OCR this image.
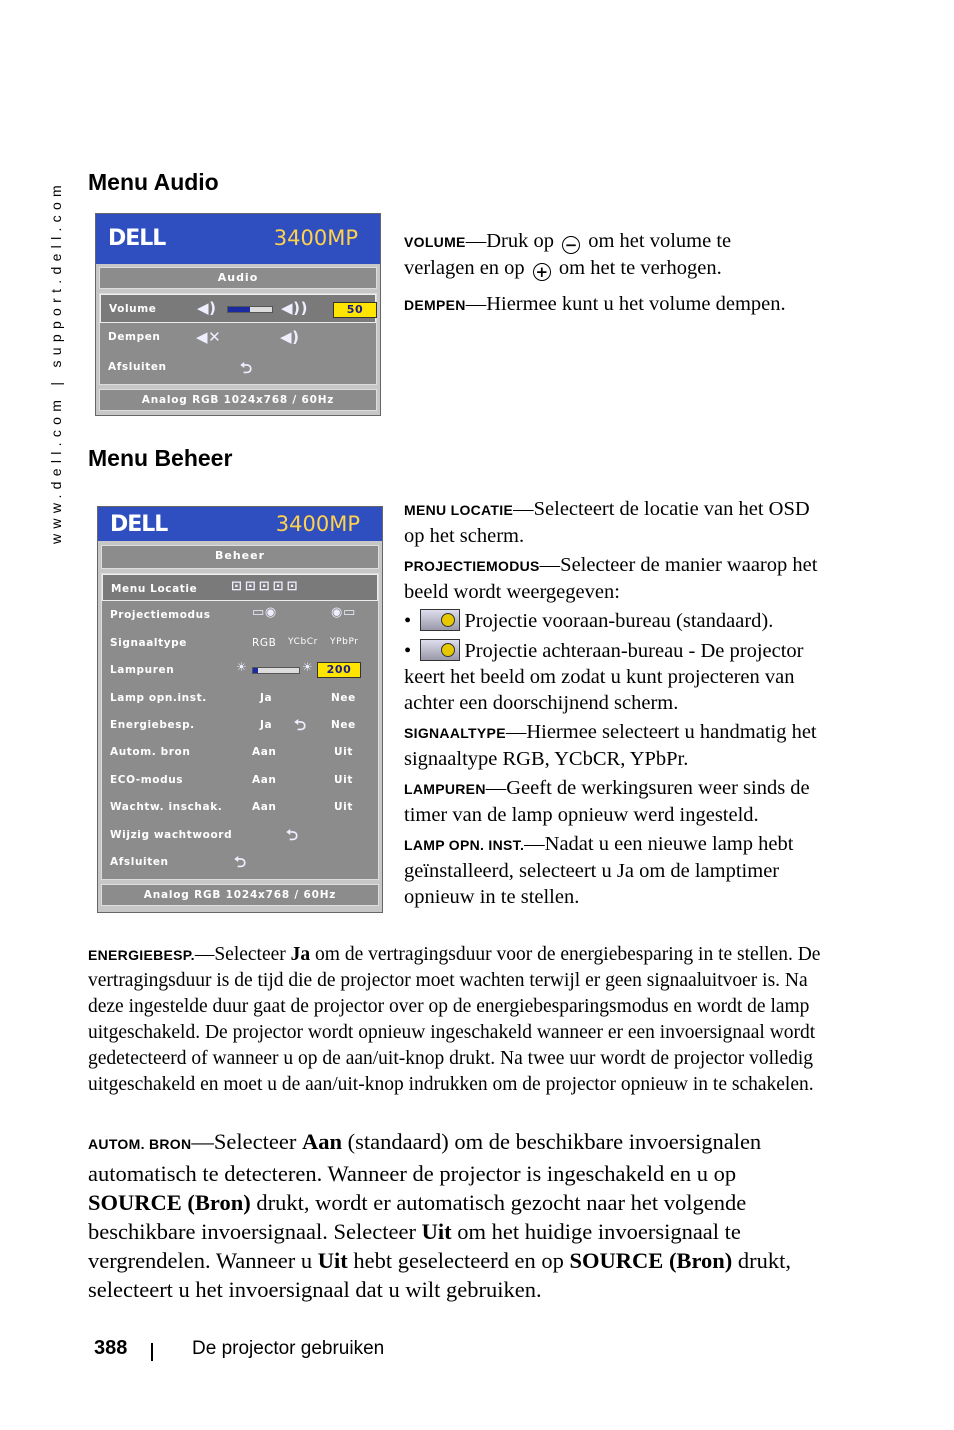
www.dell.com | support.dell.com Menu Audio
DELL	3400MP
Audio
Volume	◀)	◀))	50
Dempen ◀✕	◀)
Afsluiten	⮌
Analog RGB 1024x768 / 60Hz
VOLUME—Druk op − om het volume te
verlagen en op + om het te verhogen.
DEMPEN—Hiermee kunt u het volume dempen.
Menu Beheer
DELL	3400MP
Beheer
Menu Locatie	⊡⊡⊡⊡⊡
Projectiemodus	▭◉	◉▭
Signaaltype	RGB YCbCr YPbPr
Lampuren	☀	☀	200
Lamp opn.inst.	Ja	Nee
Energiebesp.	Ja ⮌ Nee
Autom. bron	Aan	Uit
ECO-modus	Aan	Uit
Wachtw. inschak.	Aan	Uit
Wijzig wachtwoord	⮌
Afsluiten	⮌
Analog RGB 1024x768 / 60Hz
MENU LOCATIE—Selecteert de locatie van het OSD op het scherm.
PROJECTIEMODUS—Selecteer de manier waarop het beeld wordt weergegeven:
• Projectie vooraan-bureau (standaard).
• Projectie achteraan-bureau - De projector keert het beeld om zodat u kunt projecteren van achter een doorschijnend scherm.
SIGNAALTYPE—Hiermee selecteert u handmatig het signaaltype RGB, YCbCR, YPbPr.
LAMPUREN—Geeft de werkingsuren weer sinds de timer van de lamp opnieuw werd ingesteld.
LAMP OPN. INST.—Nadat u een nieuwe lamp hebt geïnstalleerd, selecteert u Ja om de lamptimer opnieuw in te stellen.
ENERGIEBESP.—Selecteer Ja om de vertragingsduur voor de energiebesparing in te stellen. De vertragingsduur is de tijd die de projector moet wachten terwijl er geen signaaluitvoer is. Na deze ingestelde duur gaat de projector over op de energiebesparingsmodus en wordt de lamp uitgeschakeld. De projector wordt opnieuw ingeschakeld wanneer er een invoersignaal wordt gedetecteerd of wanneer u op de aan/uit-knop drukt. Na twee uur wordt de projector volledig uitgeschakeld en moet u de aan/uit-knop indrukken om de projector opnieuw in te schakelen.
AUTOM. BRON—Selecteer Aan (standaard) om de beschikbare invoersignalen automatisch te detecteren. Wanneer de projector is ingeschakeld en u op SOURCE (Bron) drukt, wordt er automatisch gezocht naar het volgende beschikbare invoersignaal. Selecteer Uit om het huidige invoersignaal te vergrendelen. Wanneer u Uit hebt geselecteerd en op SOURCE (Bron) drukt, selecteert u het invoersignaal dat u wilt gebruiken.
388	De projector gebruiken
